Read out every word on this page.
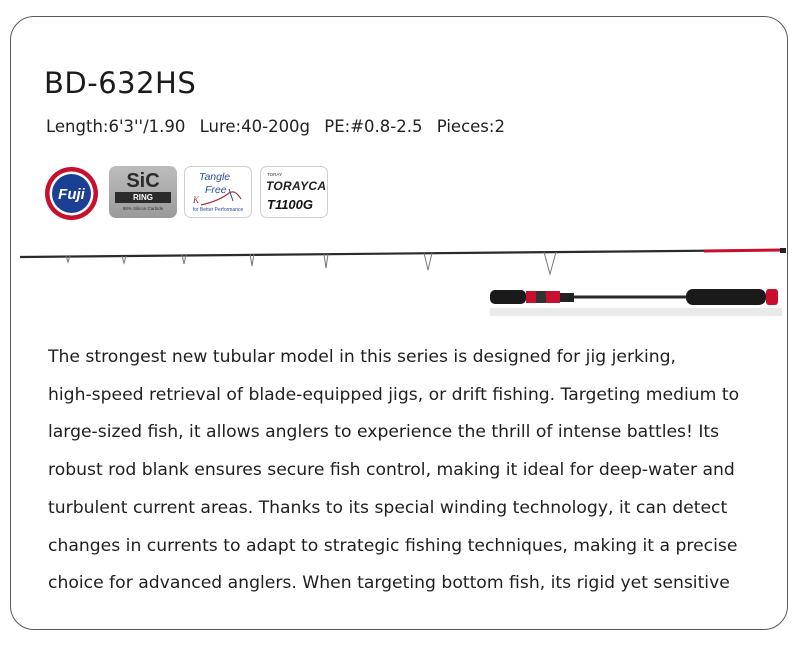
BD-632HS
Length:6'3''/1.90 Lure:40-200g PE:#0.8-2.5 Pieces:2
Fuji
SiC
RING
98% Silicon Carbide
Tangle
Free
K
for Better Performance
TORAY
TORAYCA
T1100G
The strongest new tubular model in this series is designed for jig jerking,
high-speed retrieval of blade-equipped jigs, or drift fishing. Targeting medium to
large-sized fish, it allows anglers to experience the thrill of intense battles! Its
robust rod blank ensures secure fish control, making it ideal for deep-water and
turbulent current areas. Thanks to its special winding technology, it can detect
changes in currents to adapt to strategic fishing techniques, making it a precise
choice for advanced anglers. When targeting bottom fish, its rigid yet sensitive
